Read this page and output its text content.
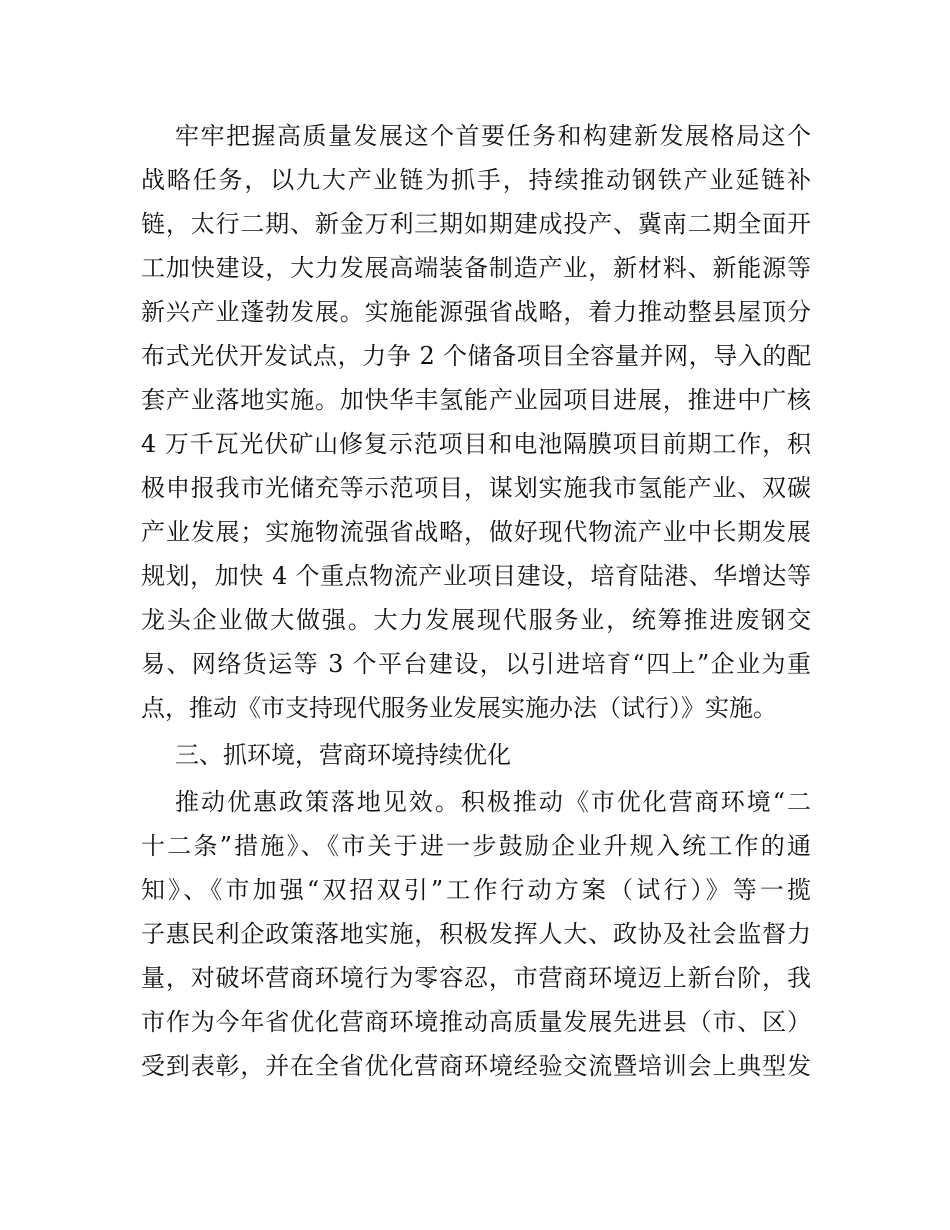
牢牢把握高质量发展这个首要任务和构建新发展格局这个
战略任务，以九大产业链为抓手，持续推动钢铁产业延链补
链，太行二期、新金万利三期如期建成投产、冀南二期全面开
工加快建设，大力发展高端装备制造产业，新材料、新能源等
新兴产业蓬勃发展。实施能源强省战略，着力推动整县屋顶分
布式光伏开发试点，力争 2 个储备项目全容量并网，导入的配
套产业落地实施。加快华丰氢能产业园项目进展，推进中广核
4 万千瓦光伏矿山修复示范项目和电池隔膜项目前期工作，积
极申报我市光储充等示范项目，谋划实施我市氢能产业、双碳
产业发展；实施物流强省战略，做好现代物流产业中长期发展
规划，加快 4 个重点物流产业项目建设，培育陆港、华增达等
龙头企业做大做强。大力发展现代服务业，统筹推进废钢交
易、网络货运等 3 个平台建设，以引进培育“四上”企业为重
点，推动《市支持现代服务业发展实施办法（试行）》实施。
三、抓环境，营商环境持续优化
推动优惠政策落地见效。积极推动《市优化营商环境“二
十二条”措施》、《市关于进一步鼓励企业升规入统工作的通
知》、《市加强“双招双引”工作行动方案（试行）》等一揽
子惠民利企政策落地实施，积极发挥人大、政协及社会监督力
量，对破坏营商环境行为零容忍，市营商环境迈上新台阶，我
市作为今年省优化营商环境推动高质量发展先进县（市、区）
受到表彰，并在全省优化营商环境经验交流暨培训会上典型发
